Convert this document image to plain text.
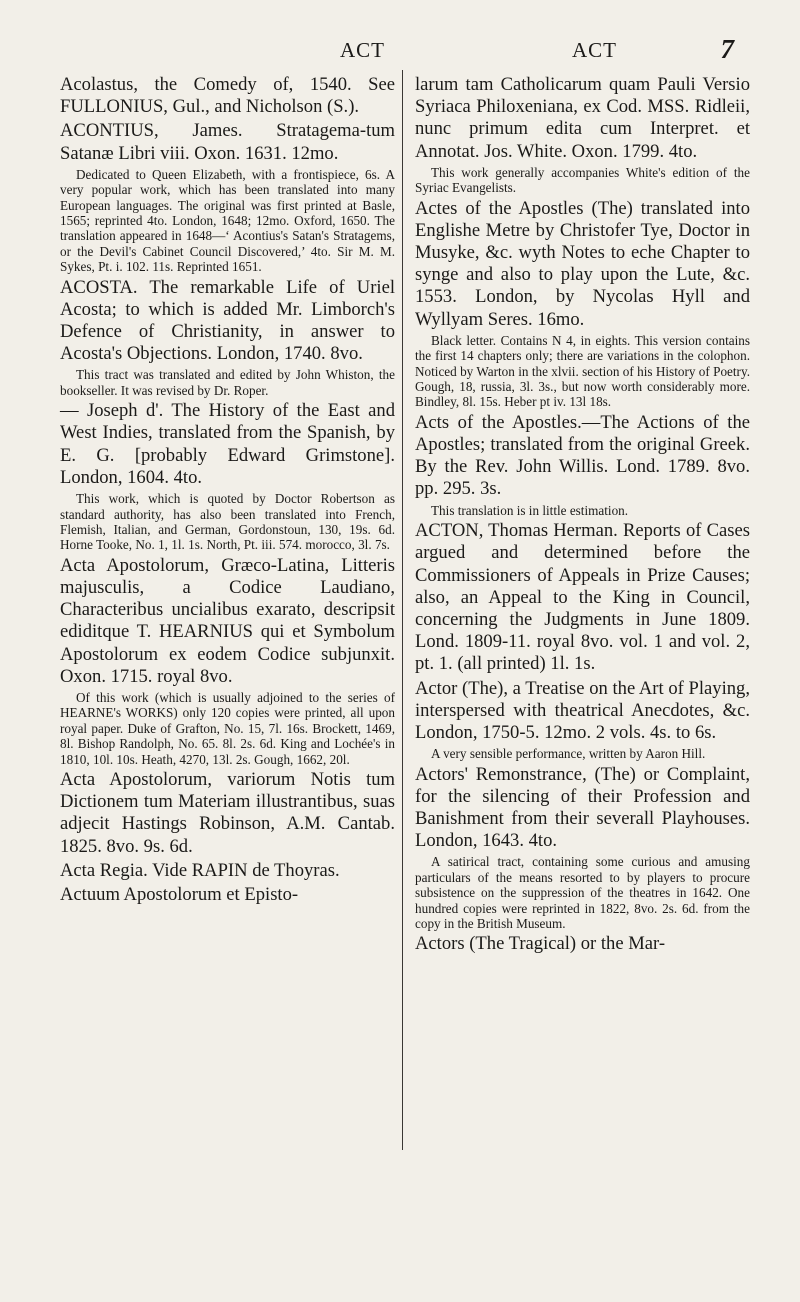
ACT	ACT	7

Acolastus, the Comedy of, 1540. See FULLONIUS, Gul., and Nicholson (S.).

ACONTIUS, James. Stratagema-tum Satanæ Libri viii. Oxon. 1631. 12mo.

Dedicated to Queen Elizabeth, with a frontispiece, 6s. A very popular work, which has been translated into many European languages. The original was first printed at Basle, 1565; reprinted 4to. London, 1648; 12mo. Oxford, 1650. The translation appeared in 1648—‘ Acontius's Satan's Stratagems, or the Devil's Cabinet Council Discovered,’ 4to. Sir M. M. Sykes, Pt. i. 102. 11s. Reprinted 1651.

ACOSTA. The remarkable Life of Uriel Acosta; to which is added Mr. Limborch's Defence of Christianity, in answer to Acosta's Objections. London, 1740. 8vo.

This tract was translated and edited by John Whiston, the bookseller. It was revised by Dr. Roper.

— Joseph d'. The History of the East and West Indies, translated from the Spanish, by E. G. [probably Edward Grimstone]. London, 1604. 4to.

This work, which is quoted by Doctor Robertson as standard authority, has also been translated into French, Flemish, Italian, and German, Gordonstoun, 130, 19s. 6d. Horne Tooke, No. 1, 1l. 1s. North, Pt. iii. 574. morocco, 3l. 7s.

Acta Apostolorum, Græco-Latina, Litteris majusculis, a Codice Laudiano, Characteribus uncialibus exarato, descripsit ediditque T. HEARNIUS qui et Symbolum Apostolorum ex eodem Codice subjunxit. Oxon. 1715. royal 8vo.

Of this work (which is usually adjoined to the series of HEARNE's WORKS) only 120 copies were printed, all upon royal paper. Duke of Grafton, No. 15, 7l. 16s. Brockett, 1469, 8l. Bishop Randolph, No. 65. 8l. 2s. 6d. King and Lochée's in 1810, 10l. 10s. Heath, 4270, 13l. 2s. Gough, 1662, 20l.

Acta Apostolorum, variorum Notis tum Dictionem tum Materiam illustrantibus, suas adjecit Hastings Robinson, A.M. Cantab. 1825. 8vo. 9s. 6d.

Acta Regia. Vide RAPIN de Thoyras.

Actuum Apostolorum et Episto-

larum tam Catholicarum quam Pauli Versio Syriaca Philoxeniana, ex Cod. MSS. Ridleii, nunc primum edita cum Interpret. et Annotat. Jos. White. Oxon. 1799. 4to.

This work generally accompanies White's edition of the Syriac Evangelists.

Actes of the Apostles (The) translated into Englishe Metre by Christofer Tye, Doctor in Musyke, &c. wyth Notes to eche Chapter to synge and also to play upon the Lute, &c. 1553. London, by Nycolas Hyll and Wyllyam Seres. 16mo.

Black letter. Contains N 4, in eights. This version contains the first 14 chapters only; there are variations in the colophon. Noticed by Warton in the xlvii. section of his History of Poetry. Gough, 18, russia, 3l. 3s., but now worth considerably more. Bindley, 8l. 15s. Heber pt iv. 13l 18s.

Acts of the Apostles.—The Actions of the Apostles; translated from the original Greek. By the Rev. John Willis. Lond. 1789. 8vo. pp. 295. 3s.

This translation is in little estimation.

ACTON, Thomas Herman. Reports of Cases argued and determined before the Commissioners of Appeals in Prize Causes; also, an Appeal to the King in Council, concerning the Judgments in June 1809. Lond. 1809-11. royal 8vo. vol. 1 and vol. 2, pt. 1. (all printed) 1l. 1s.

Actor (The), a Treatise on the Art of Playing, interspersed with theatrical Anecdotes, &c. London, 1750-5. 12mo. 2 vols. 4s. to 6s.

A very sensible performance, written by Aaron Hill.

Actors' Remonstrance, (The) or Complaint, for the silencing of their Profession and Banishment from their severall Playhouses. London, 1643. 4to.

A satirical tract, containing some curious and amusing particulars of the means resorted to by players to procure subsistence on the suppression of the theatres in 1642. One hundred copies were reprinted in 1822, 8vo. 2s. 6d. from the copy in the British Museum.

Actors (The Tragical) or the Mar-
